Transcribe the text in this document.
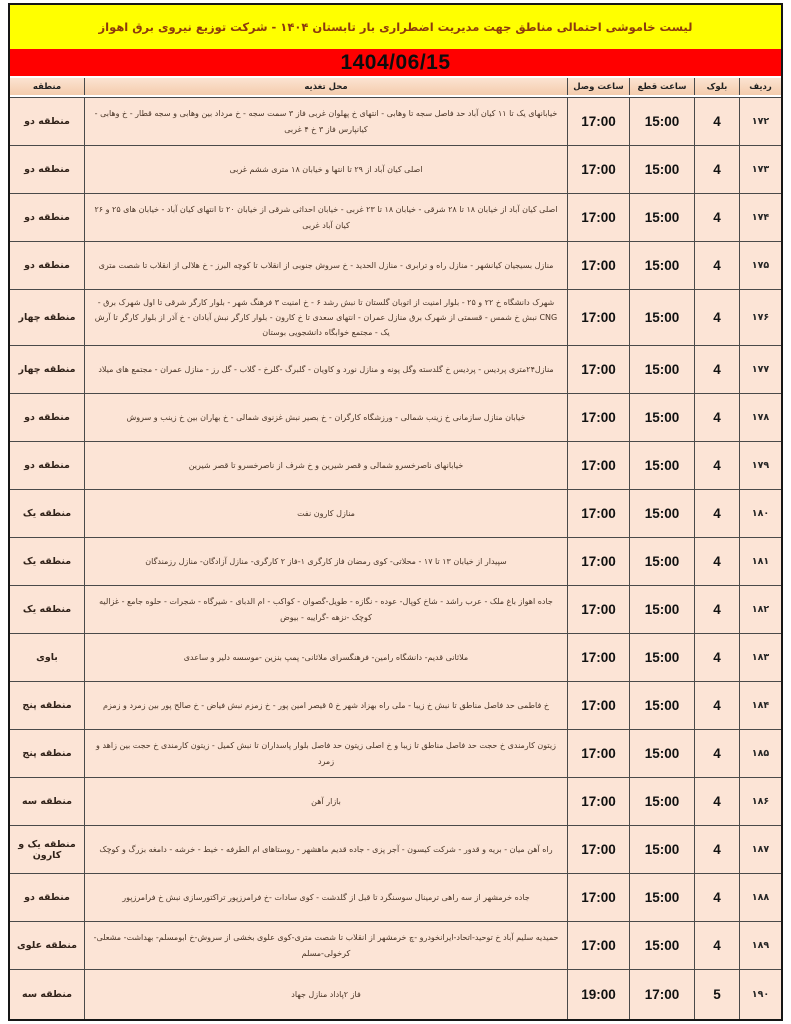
لیست خاموشی احتمالی مناطق جهت مدیریت اضطراری بار تابستان ۱۴۰۴ - شرکت توزیع نیروی برق اهواز
1404/06/15
ردیف
بلوک
ساعت قطع
ساعت وصل
محل تغذیه
منطقه
۱۷۲
4
15:00
17:00
خیابانهای یک تا ۱۱ کیان آباد حد فاصل سجه تا وهابی - انتهای خ پهلوان غربی فاز ۳ سمت سجه - خ مرداد بین وهابی و سجه قطار - خ وهابی - کیانپارس فاز ۳ خ ۴ غربی
منطقه دو
۱۷۳
4
15:00
17:00
اصلی کیان آباد از ۲۹ تا انتها و خیابان ۱۸ متری ششم غربی
منطقه دو
۱۷۴
4
15:00
17:00
اصلی کیان آباد از خیابان ۱۸ تا ۲۸ شرقی - خیابان ۱۸ تا ۲۳ غربی - خیابان احداثی شرقی از خیابان ۲۰ تا انتهای کیان آباد - خیابان های ۲۵ و ۲۶ کیان آباد غربی
منطقه دو
۱۷۵
4
15:00
17:00
منازل بسیجیان کیانشهر - منازل راه و ترابری - منازل الحدید - خ سروش جنوبی از انقلاب تا کوچه البرز - خ هلالی از انقلاب تا شصت متری
منطقه دو
۱۷۶
4
15:00
17:00
شهرک دانشگاه خ ۲۲ و ۲۵ - بلوار امنیت از اتوبان گلستان تا نبش رشد ۶ - خ امنیت ۳ فرهنگ شهر - بلوار کارگر شرقی تا اول شهرک برق - CNG نبش خ شمس - قسمتی از شهرک برق منازل عمران - انتهای سعدی تا خ کارون - بلوار کارگر نبش آبادان - خ آذر از بلوار کارگر تا آرش یک - مجتمع خوابگاه دانشجویی بوستان
منطقه چهار
۱۷۷
4
15:00
17:00
منازل۲۴متری پردیس - پردیس خ گلدسته وگل پونه و منازل نورد و کاویان - گلبرگ -گلرخ - گلاب - گل رز - منازل عمران - مجتمع های میلاد
منطقه چهار
۱۷۸
4
15:00
17:00
خیابان منازل سازمانی خ زینب شمالی - ورزشگاه کارگران - خ بصیر نبش غزنوی شمالی - خ بهاران بین خ زینب و سروش
منطقه دو
۱۷۹
4
15:00
17:00
خیابانهای ناصرخسرو شمالی و قصر شیرین و خ شرف از ناصرخسرو تا قصر شیرین
منطقه دو
۱۸۰
4
15:00
17:00
منازل کارون نفت
منطقه یک
۱۸۱
4
15:00
17:00
سپیدار از خیابان ۱۳ تا ۱۷ - محلاتی- کوی رمضان فاز کارگری ۱-فاز ۲ کارگری- منازل آزادگان- منازل رزمندگان
منطقه یک
۱۸۲
4
15:00
17:00
جاده اهواز باغ ملک - عرب راشد - شاخ کوپال- عوده - نگازه - طویل-گصوان - کواکب - ام الدبای - شیرگاه - شجرات - حلوه جامع - غزالیه کوچک -نزهه -گرایبه - بیوض
منطقه یک
۱۸۳
4
15:00
17:00
ملاثانی قدیم- دانشگاه رامین- فرهنگسرای ملاثانی- پمپ بنزین -موسسه دلیر و ساعدی
باوی
۱۸۴
4
15:00
17:00
خ فاطمی حد فاصل مناطق تا نبش خ زیبا - ملی راه بهزاد شهر خ ۵ قیصر امین پور - خ زمزم نبش فیاض - خ صالح پور بین زمرد و زمزم
منطقه پنج
۱۸۵
4
15:00
17:00
زیتون کارمندی خ حجت حد فاصل مناطق تا زیبا و خ اصلی زیتون حد فاصل بلوار پاسداران تا نبش کمیل - زیتون کارمندی خ حجت بین زاهد و زمرد
منطقه پنج
۱۸۶
4
15:00
17:00
بازار آهن
منطقه سه
۱۸۷
4
15:00
17:00
راه آهن میان - بریه و قدور - شرکت کیسون - آجر پزی - جاده قدیم ماهشهر - روستاهای ام الطرفه - خیط - خرشه - دامغه بزرگ و کوچک
منطقه یک و کارون
۱۸۸
4
15:00
17:00
جاده خرمشهر از سه راهی ترمینال سوسنگرد تا قبل از گلدشت - کوی سادات -خ فرامرزپور تراکتورسازی نبش خ فرامرزپور
منطقه دو
۱۸۹
4
15:00
17:00
حمیدیه سلیم آباد خ توحید-اتحاد-ایرانخودرو -چ خرمشهر از انقلاب تا شصت متری-کوی علوی بخشی از سروش-خ ابومسلم- بهداشت- مشعلی- کرخولی-مسلم
منطقه علوی
۱۹۰
5
17:00
19:00
فاز ۲پاداد منازل جهاد
منطقه سه
